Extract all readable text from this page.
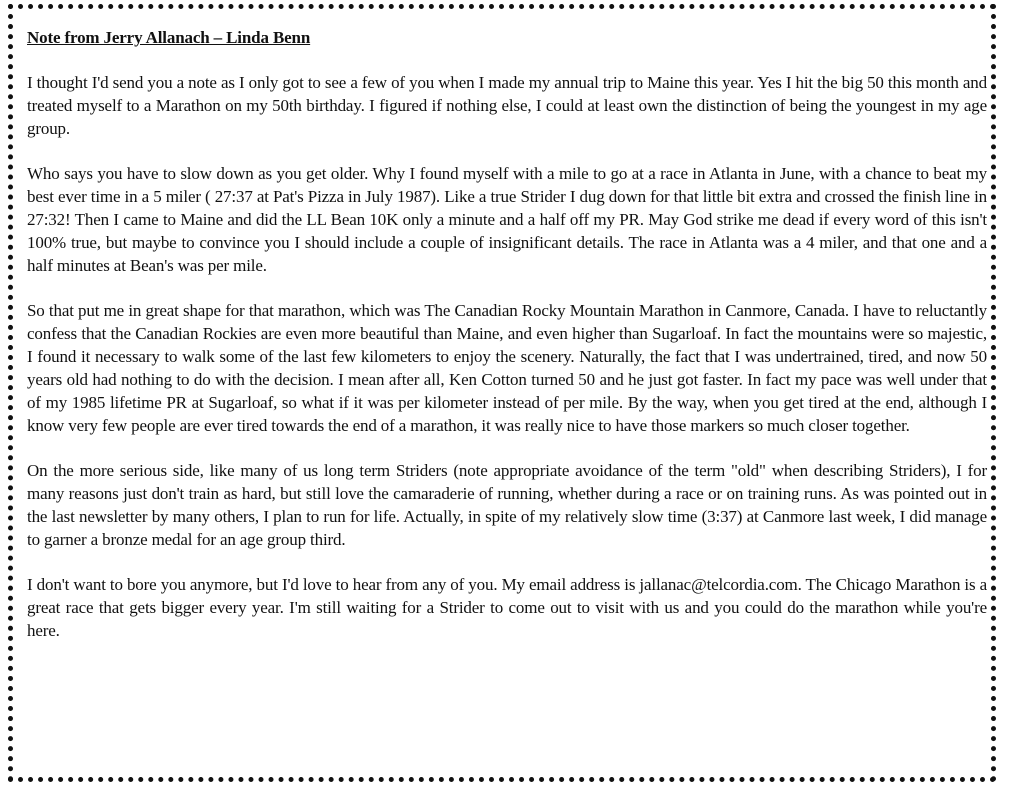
Note from Jerry Allanach – Linda Benn

I thought I'd send you a note as I only got to see a few of you when I made my annual trip to Maine this year. Yes I hit the big 50 this month and treated myself to a Marathon on my 50th birthday. I figured if nothing else, I could at least own the distinction of being the youngest in my age group.

Who says you have to slow down as you get older. Why I found myself with a mile to go at a race in Atlanta in June, with a chance to beat my best ever time in a 5 miler ( 27:37 at Pat's Pizza in July 1987). Like a true Strider I dug down for that little bit extra and crossed the finish line in 27:32! Then I came to Maine and did the LL Bean 10K only a minute and a half off my PR. May God strike me dead if every word of this isn't 100% true, but maybe to convince you I should include a couple of insignificant details. The race in Atlanta was a 4 miler, and that one and a half minutes at Bean's was per mile.

So that put me in great shape for that marathon, which was The Canadian Rocky Mountain Marathon in Canmore, Canada. I have to reluctantly confess that the Canadian Rockies are even more beautiful than Maine, and even higher than Sugarloaf. In fact the mountains were so majestic, I found it necessary to walk some of the last few kilometers to enjoy the scenery. Naturally, the fact that I was undertrained, tired, and now 50 years old had nothing to do with the decision. I mean after all, Ken Cotton turned 50 and he just got faster. In fact my pace was well under that of my 1985 lifetime PR at Sugarloaf, so what if it was per kilometer instead of per mile. By the way, when you get tired at the end, although I know very few people are ever tired towards the end of a marathon, it was really nice to have those markers so much closer together.

On the more serious side, like many of us long term Striders (note appropriate avoidance of the term "old" when describing Striders), I for many reasons just don't train as hard, but still love the camaraderie of running, whether during a race or on training runs. As was pointed out in the last newsletter by many others, I plan to run for life. Actually, in spite of my relatively slow time (3:37) at Canmore last week, I did manage to garner a bronze medal for an age group third.

I don't want to bore you anymore, but I'd love to hear from any of you. My email address is jallanac@telcordia.com. The Chicago Marathon is a great race that gets bigger every year. I'm still waiting for a Strider to come out to visit with us and you could do the marathon while you're here.
